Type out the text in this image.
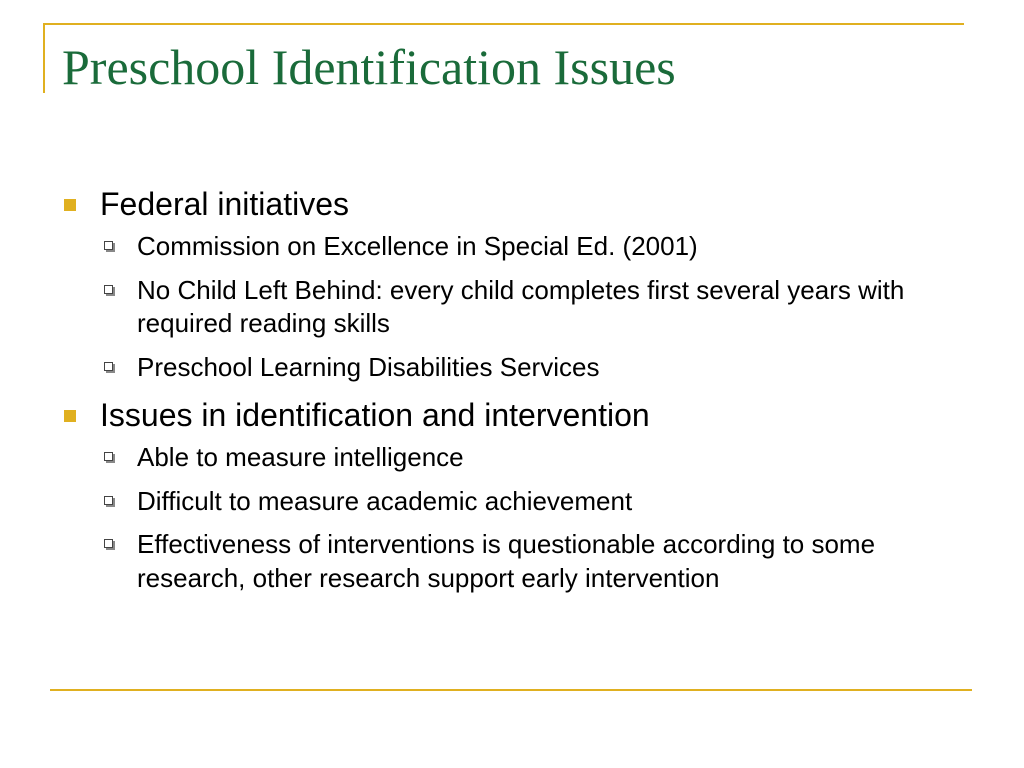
Preschool Identification Issues
Federal initiatives
Commission on Excellence in Special Ed. (2001)
No Child Left Behind: every child completes first several years with required reading skills
Preschool Learning Disabilities Services
Issues in identification and intervention
Able to measure intelligence
Difficult to measure academic achievement
Effectiveness of interventions is questionable according to some research, other research support early intervention
